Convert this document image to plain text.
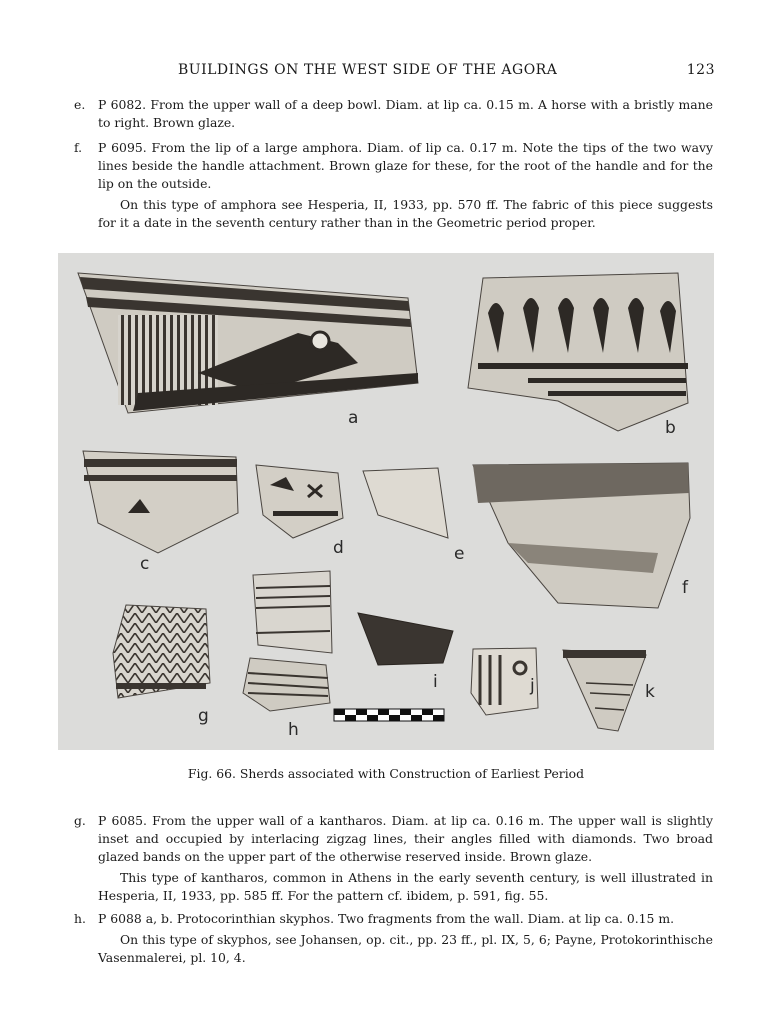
BUILDINGS ON THE WEST SIDE OF THE AGORA	123
e. P 6082. From the upper wall of a deep bowl. Diam. at lip ca. 0.15 m. A horse with a bristly mane to right. Brown glaze.
f. P 6095. From the lip of a large amphora. Diam. of lip ca. 0.17 m. Note the tips of the two wavy lines beside the handle attachment. Brown glaze for these, for the root of the handle and for the lip on the outside.
On this type of amphora see Hesperia, II, 1933, pp. 570 ff. The fabric of this piece suggests for it a date in the seventh century rather than in the Geometric period proper.
a	b
c
d	e
f
g
h
i	j	k
Fig. 66. Sherds associated with Construction of Earliest Period
g. P 6085. From the upper wall of a kantharos. Diam. at lip ca. 0.16 m. The upper wall is slightly inset and occupied by interlacing zigzag lines, their angles filled with diamonds. Two broad glazed bands on the upper part of the otherwise reserved inside. Brown glaze.
This type of kantharos, common in Athens in the early seventh century, is well illustrated in Hesperia, II, 1933, pp. 585 ff. For the pattern cf. ibidem, p. 591, fig. 55.
h. P 6088 a, b. Protocorinthian skyphos. Two fragments from the wall. Diam. at lip ca. 0.15 m.
On this type of skyphos, see Johansen, op. cit., pp. 23 ff., pl. IX, 5, 6; Payne, Protokorinthische Vasenmalerei, pl. 10, 4.
